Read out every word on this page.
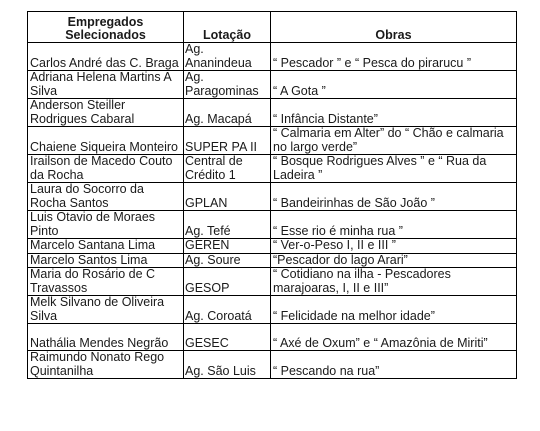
Empregados Selecionados	Lotação	Obras
Carlos André das C. Braga	Ag. Ananindeua	“ Pescador ” e “ Pesca do pirarucu ”
Adriana Helena Martins A Silva	Ag. Paragominas	“ A Gota ”
Anderson Steiller Rodrigues Cabaral	Ag. Macapá	“ Infância Distante”
Chaiene Siqueira Monteiro	SUPER PA II	“ Calmaria em Alter” do “ Chão e calmaria no largo verde”
Irailson de Macedo Couto da Rocha	Central de Crédito 1	“ Bosque Rodrigues Alves ” e “ Rua da Ladeira ”
Laura do Socorro da Rocha Santos	GPLAN	“ Bandeirinhas de São João ”
Luis Otavio de Moraes Pinto	Ag. Tefé	“ Esse rio é minha rua ”
Marcelo Santana Lima	GEREN	“ Ver-o-Peso I, II e III ”
Marcelo Santos Lima	Ag. Soure	“Pescador do lago Arari”
Maria do Rosário de C Travassos	GESOP	“ Cotidiano na ilha - Pescadores marajoaras, I, II e III”
Melk Silvano de Oliveira Silva	Ag. Coroatá	“ Felicidade na melhor idade”
Nathália Mendes Negrão	GESEC	“ Axé de Oxum” e “ Amazônia de Miriti”
Raimundo Nonato Rego Quintanilha	Ag. São Luis	“ Pescando na rua”
